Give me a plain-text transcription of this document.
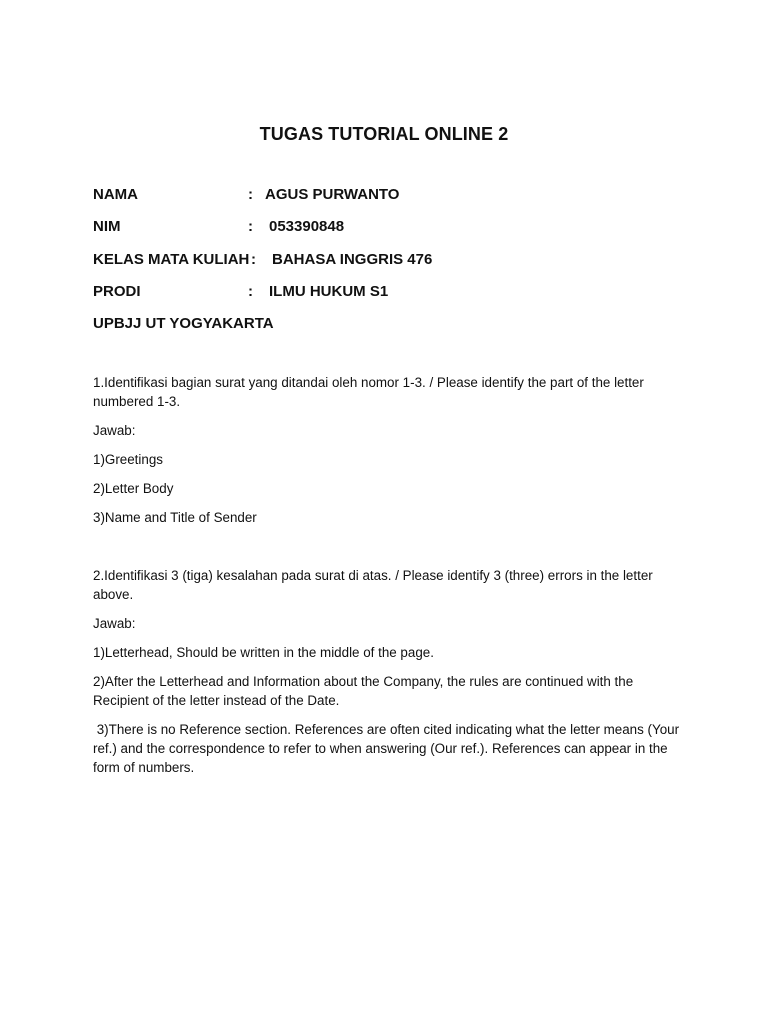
TUGAS TUTORIAL ONLINE 2
NAMA	: AGUS PURWANTO
NIM	: 053390848
KELAS MATA KULIAH : BAHASA INGGRIS 476
PRODI	: ILMU HUKUM S1
UPBJJ UT YOGYAKARTA
1.Identifikasi bagian surat yang ditandai oleh nomor 1-3. / Please identify the part of the letter numbered 1-3.
Jawab:
1)Greetings
2)Letter Body
3)Name and Title of Sender
2.Identifikasi 3 (tiga) kesalahan pada surat di atas. / Please identify 3 (three) errors in the letter above.
Jawab:
1)Letterhead, Should be written in the middle of the page.
2)After the Letterhead and Information about the Company, the rules are continued with the Recipient of the letter instead of the Date.
3)There is no Reference section. References are often cited indicating what the letter means (Your ref.) and the correspondence to refer to when answering (Our ref.). References can appear in the form of numbers.
